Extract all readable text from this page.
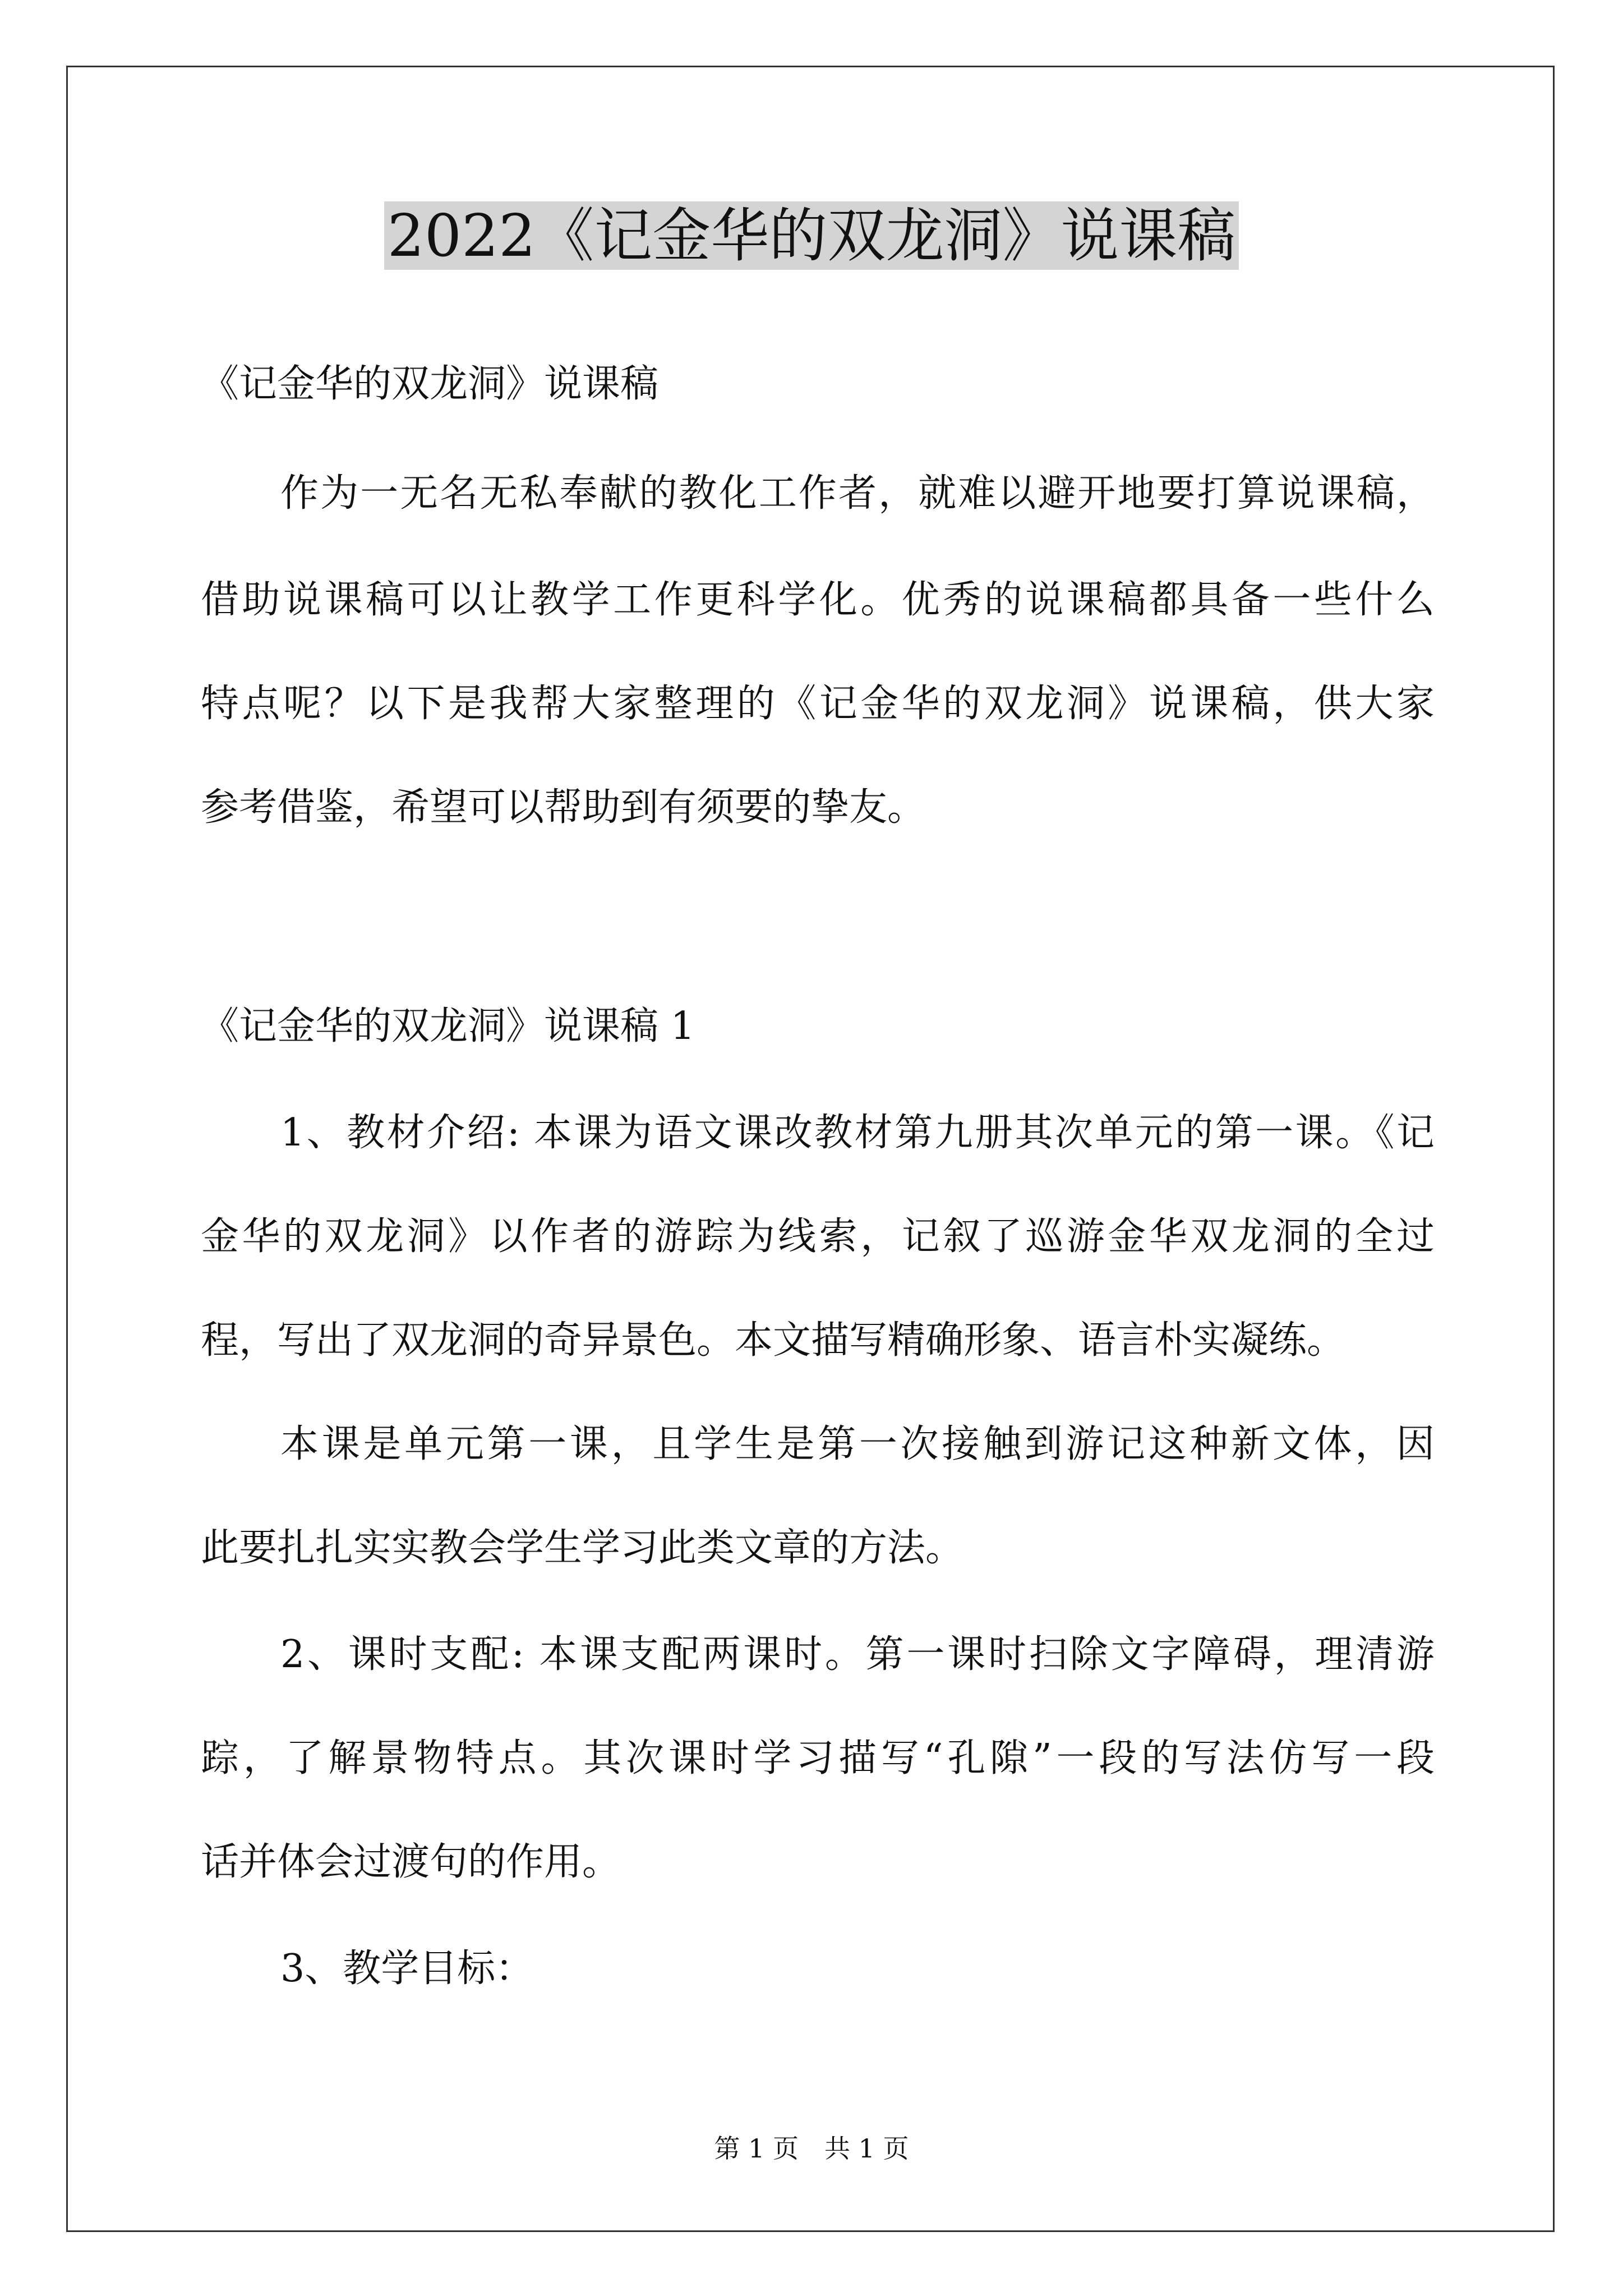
2022《记金华的双龙洞》说课稿

《记金华的双龙洞》说课稿

作为一无名无私奉献的教化工作者，就难以避开地要打算说课稿，

借助说课稿可以让教学工作更科学化。优秀的说课稿都具备一些什么

特点呢？以下是我帮大家整理的《记金华的双龙洞》说课稿，供大家

参考借鉴，希望可以帮助到有须要的挚友。

《记金华的双龙洞》说课稿 1

1、教材介绍: 本课为语文课改教材第九册其次单元的第一课。《记

金华的双龙洞》以作者的游踪为线索，记叙了巡游金华双龙洞的全过

程，写出了双龙洞的奇异景色。本文描写精确形象、语言朴实凝练。

本课是单元第一课，且学生是第一次接触到游记这种新文体，因

此要扎扎实实教会学生学习此类文章的方法。

2、课时支配: 本课支配两课时。第一课时扫除文字障碍，理清游

踪，了解景物特点。其次课时学习描写“孔隙”一段的写法仿写一段

话并体会过渡句的作用。

3、教学目标：

第 1 页　共 1 页
